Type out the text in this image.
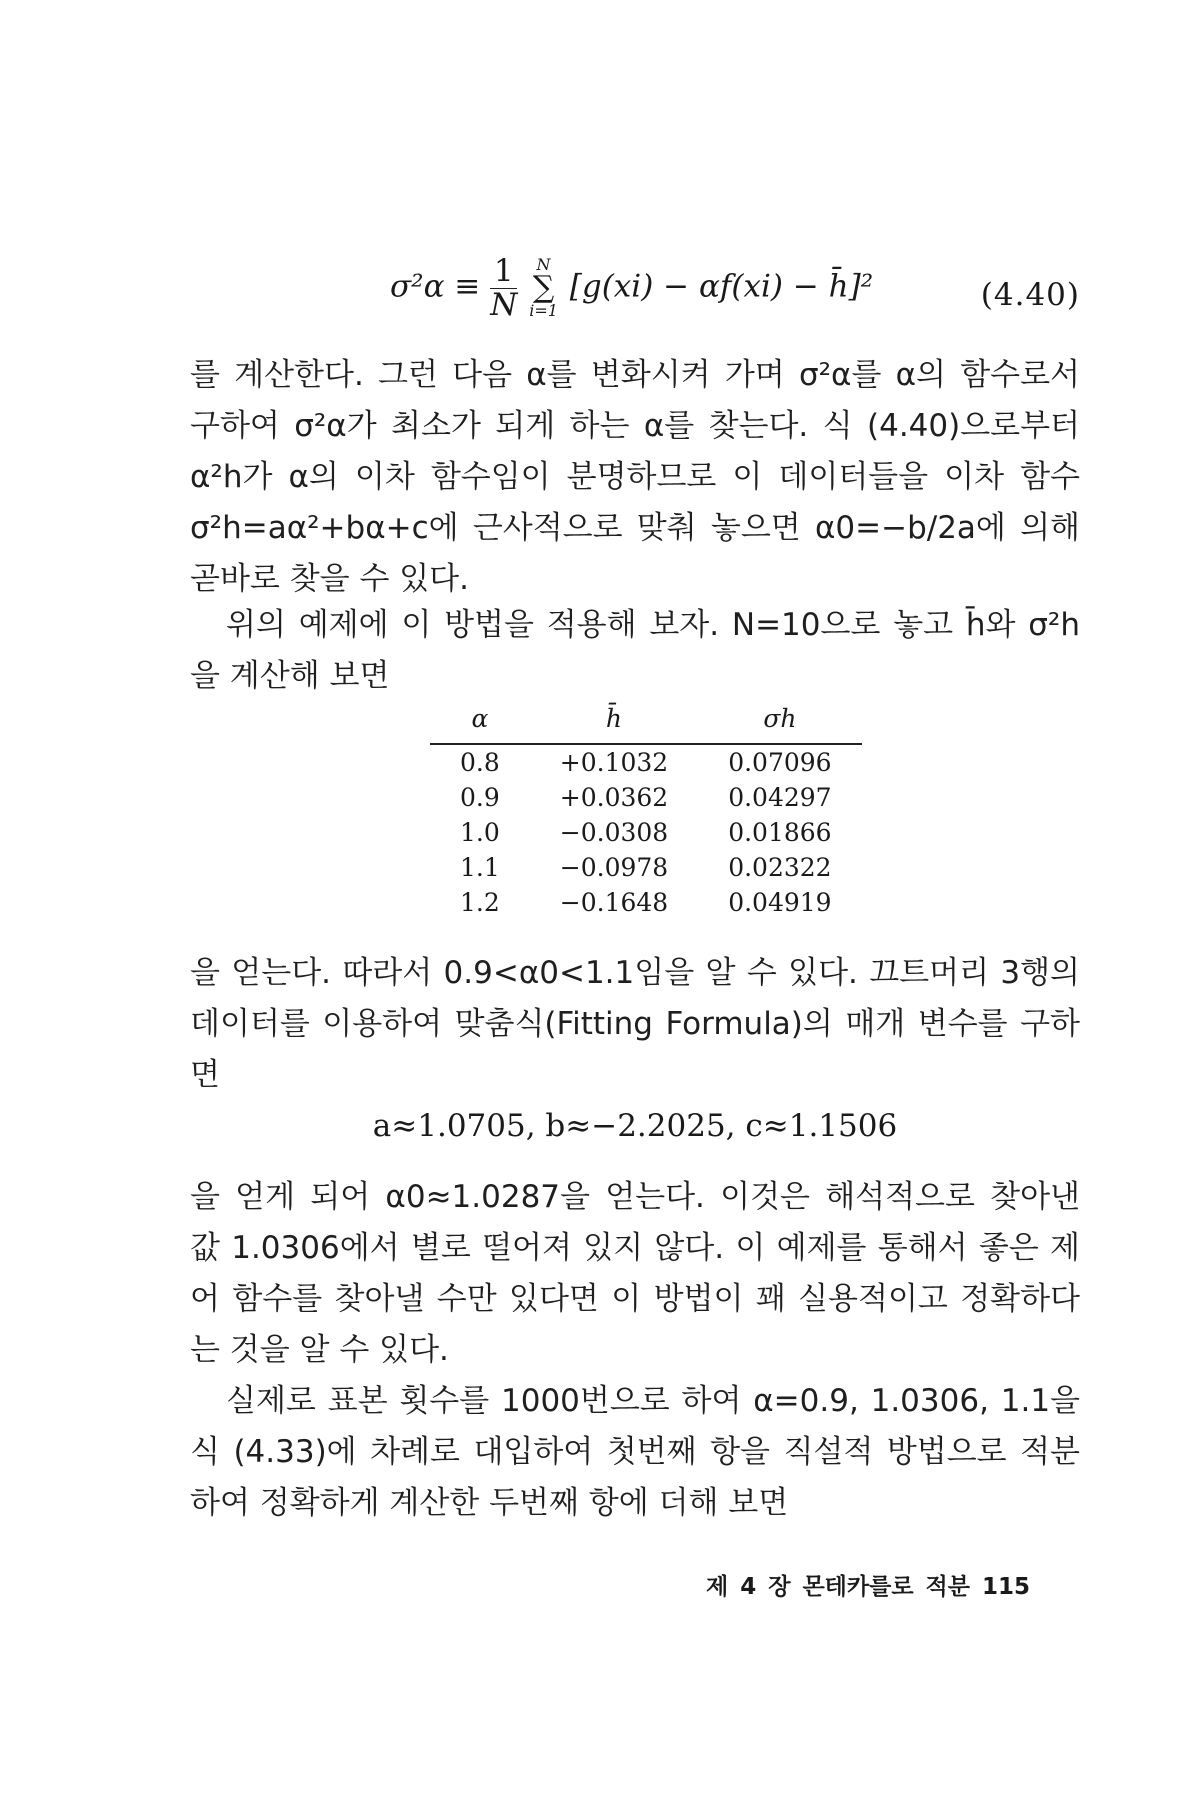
$\sigma^2\alpha \equiv \frac{1}{N}$
	N
∑
i=1
[g(xi) − αf(xi) − h̄]²	(4.40)
를 계산한다. 그런 다음 α를 변화시켜 가며 σ²α를 α의 함수로서 구하여 σ²α가 최소가 되게 하는 α를 찾는다. 식 (4.40)으로부터 α²h가 α의 이차 함수임이 분명하므로 이 데이터들을 이차 함수 σ²h=aα²+bα+c에 근사적으로 맞춰 놓으면 α0=−b/2a에 의해 곧바로 찾을 수 있다.
위의 예제에 이 방법을 적용해 보자. N=10으로 놓고 h̄와 σ²h을 계산해 보면
α	h̄	σh
0.8	+0.1032	0.07096
0.9	+0.0362	0.04297
1.0	−0.0308	0.01866
1.1	−0.0978	0.02322
1.2	−0.1648	0.04919
을 얻는다. 따라서 0.9<α0<1.1임을 알 수 있다. 끄트머리 3행의 데이터를 이용하여 맞춤식(Fitting Formula)의 매개 변수를 구하면
a≈1.0705, b≈−2.2025, c≈1.1506
을 얻게 되어 α0≈1.0287을 얻는다. 이것은 해석적으로 찾아낸 값 1.0306에서 별로 떨어져 있지 않다. 이 예제를 통해서 좋은 제어 함수를 찾아낼 수만 있다면 이 방법이 꽤 실용적이고 정확하다는 것을 알 수 있다.
실제로 표본 횟수를 1000번으로 하여 α=0.9, 1.0306, 1.1을 식 (4.33)에 차례로 대입하여 첫번째 항을 직설적 방법으로 적분하여 정확하게 계산한 두번째 항에 더해 보면
제 4 장 몬테카를로 적분 115
